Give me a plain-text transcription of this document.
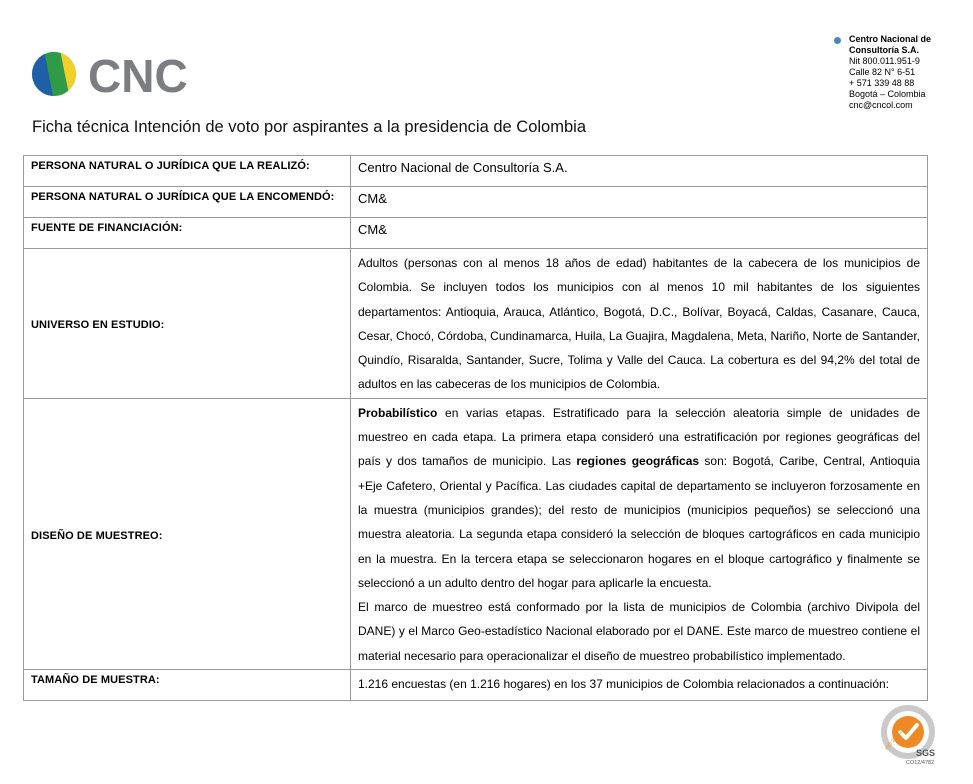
CNC
Centro Nacional de
Consultoría S.A.
Nit 800.011.951-9
Calle 82 N° 6-51
+ 571 339 48 88
Bogotá – Colombia
cnc@cncol.com
Ficha técnica Intención de voto por aspirantes a la presidencia de Colombia
PERSONA NATURAL O JURÍDICA QUE LA REALIZÓ:	Centro Nacional de Consultoría S.A.
PERSONA NATURAL O JURÍDICA QUE LA ENCOMENDÓ:	CM&
FUENTE DE FINANCIACIÓN:	CM&
UNIVERSO EN ESTUDIO:	Adultos (personas con al menos 18 años de edad) habitantes de la cabecera de los municipios de Colombia. Se incluyen todos los municipios con al menos 10 mil habitantes de los siguientes departamentos: Antioquia, Arauca, Atlántico, Bogotá, D.C., Bolívar, Boyacá, Caldas, Casanare, Cauca, Cesar, Chocó, Córdoba, Cundinamarca, Huila, La Guajira, Magdalena, Meta, Nariño, Norte de Santander, Quindío, Risaralda, Santander, Sucre, Tolima y Valle del Cauca. La cobertura es del 94,2% del total de adultos en las cabeceras de los municipios de Colombia.
DISEÑO DE MUESTREO:	Probabilístico en varias etapas. Estratificado para la selección aleatoria simple de unidades de muestreo en cada etapa. La primera etapa consideró una estratificación por regiones geográficas del país y dos tamaños de municipio. Las regiones geográficas son: Bogotá, Caribe, Central, Antioquia +Eje Cafetero, Oriental y Pacífica. Las ciudades capital de departamento se incluyeron forzosamente en la muestra (municipios grandes); del resto de municipios (municipios pequeños) se seleccionó una muestra aleatoria. La segunda etapa consideró la selección de bloques cartográficos en cada municipio en la muestra. En la tercera etapa se seleccionaron hogares en el bloque cartográfico y finalmente se seleccionó a un adulto dentro del hogar para aplicarle la encuesta.
El marco de muestreo está conformado por la lista de municipios de Colombia (archivo Divipola del DANE) y el Marco Geo-estadístico Nacional elaborado por el DANE. Este marco de muestreo contiene el material necesario para operacionalizar el diseño de muestreo probabilístico implementado.

TAMAÑO DE MUESTRA:	1.216 encuestas (en 1.216 hogares) en los 37 municipios de Colombia relacionados a continuación:
ISO 20252
SGS
CO12/4782
